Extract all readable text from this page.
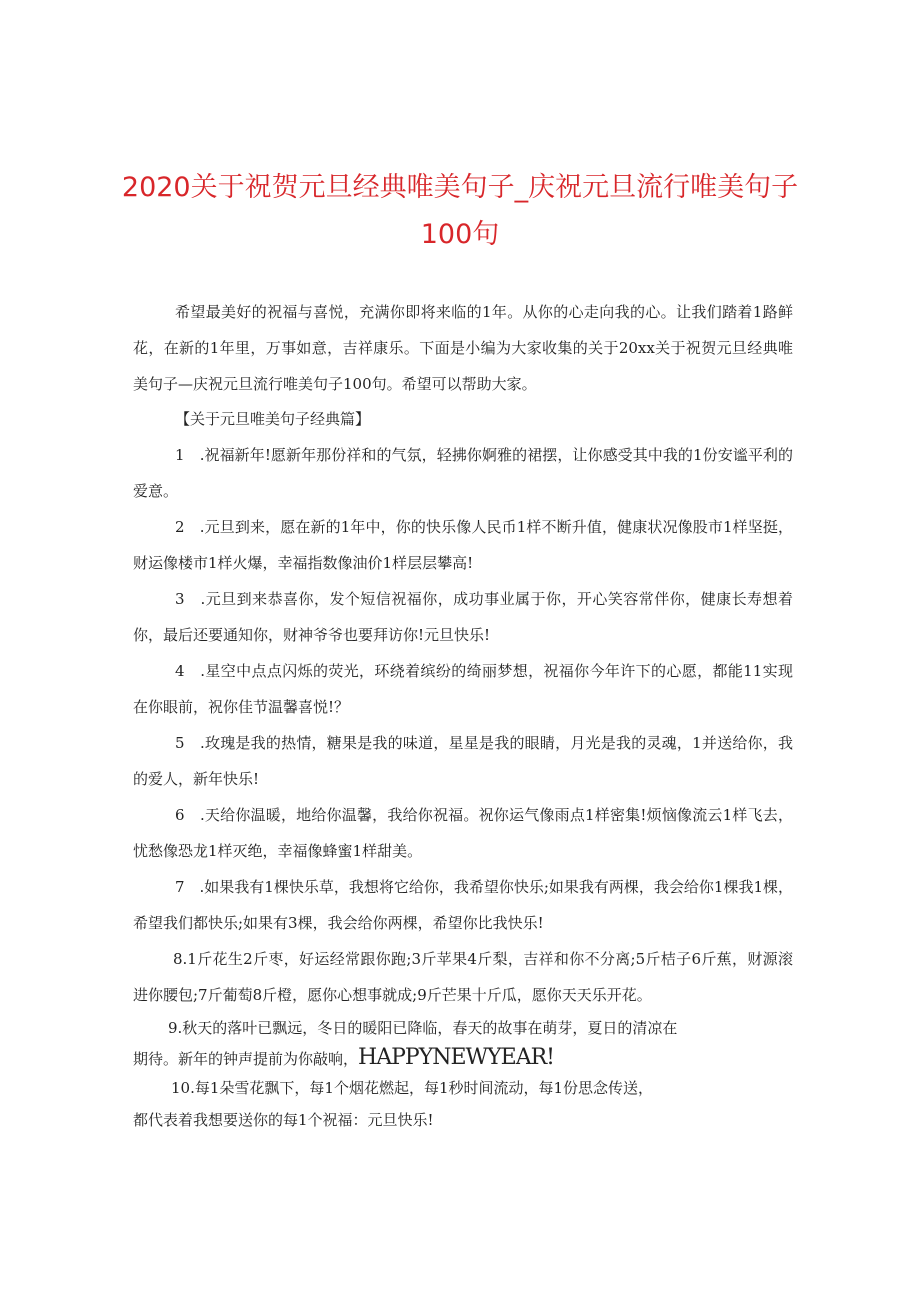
2020关于祝贺元旦经典唯美句子_庆祝元旦流行唯美句子100句

希望最美好的祝福与喜悦，充满你即将来临的1年。从你的心走向我的心。让我们踏着1路鲜花，在新的1年里，万事如意，吉祥康乐。下面是小编为大家收集的关于20xx关于祝贺元旦经典唯美句子—庆祝元旦流行唯美句子100句。希望可以帮助大家。

【关于元旦唯美句子经典篇】

1　.祝福新年!愿新年那份祥和的气氛，轻拂你婀雅的裙摆，让你感受其中我的1份安谧平利的爱意。

2　.元旦到来，愿在新的1年中，你的快乐像人民币1样不断升值，健康状况像股市1样坚挺，财运像楼市1样火爆，幸福指数像油价1样层层攀高!

3　.元旦到来恭喜你，发个短信祝福你，成功事业属于你，开心笑容常伴你，健康长寿想着你，最后还要通知你，财神爷爷也要拜访你!元旦快乐!

4　.星空中点点闪烁的荧光，环绕着缤纷的绮丽梦想，祝福你今年许下的心愿，都能11实现在你眼前，祝你佳节温馨喜悦!？

5　.玫瑰是我的热情，糖果是我的味道，星星是我的眼睛，月光是我的灵魂，1并送给你，我的爱人，新年快乐!

6　.天给你温暖，地给你温馨，我给你祝福。祝你运气像雨点1样密集!烦恼像流云1样飞去，忧愁像恐龙1样灭绝，幸福像蜂蜜1样甜美。

7　.如果我有1棵快乐草，我想将它给你，我希望你快乐;如果我有两棵，我会给你1棵我1棵，希望我们都快乐;如果有3棵，我会给你两棵，希望你比我快乐!

8.1斤花生2斤枣，好运经常跟你跑;3斤苹果4斤梨，吉祥和你不分离;5斤桔子6斤蕉，财源滚进你腰包;7斤葡萄8斤橙，愿你心想事就成;9斤芒果十斤瓜，愿你天天乐开花。

9.秋天的落叶已飘远，冬日的暖阳已降临，春天的故事在萌芽，夏日的清凉在
期待。新年的钟声提前为你敲响，HAPPYNEWYEAR!
10.每1朵雪花飘下，每1个烟花燃起，每1秒时间流动，每1份思念传送，
都代表着我想要送你的每1个祝福：元旦快乐!
